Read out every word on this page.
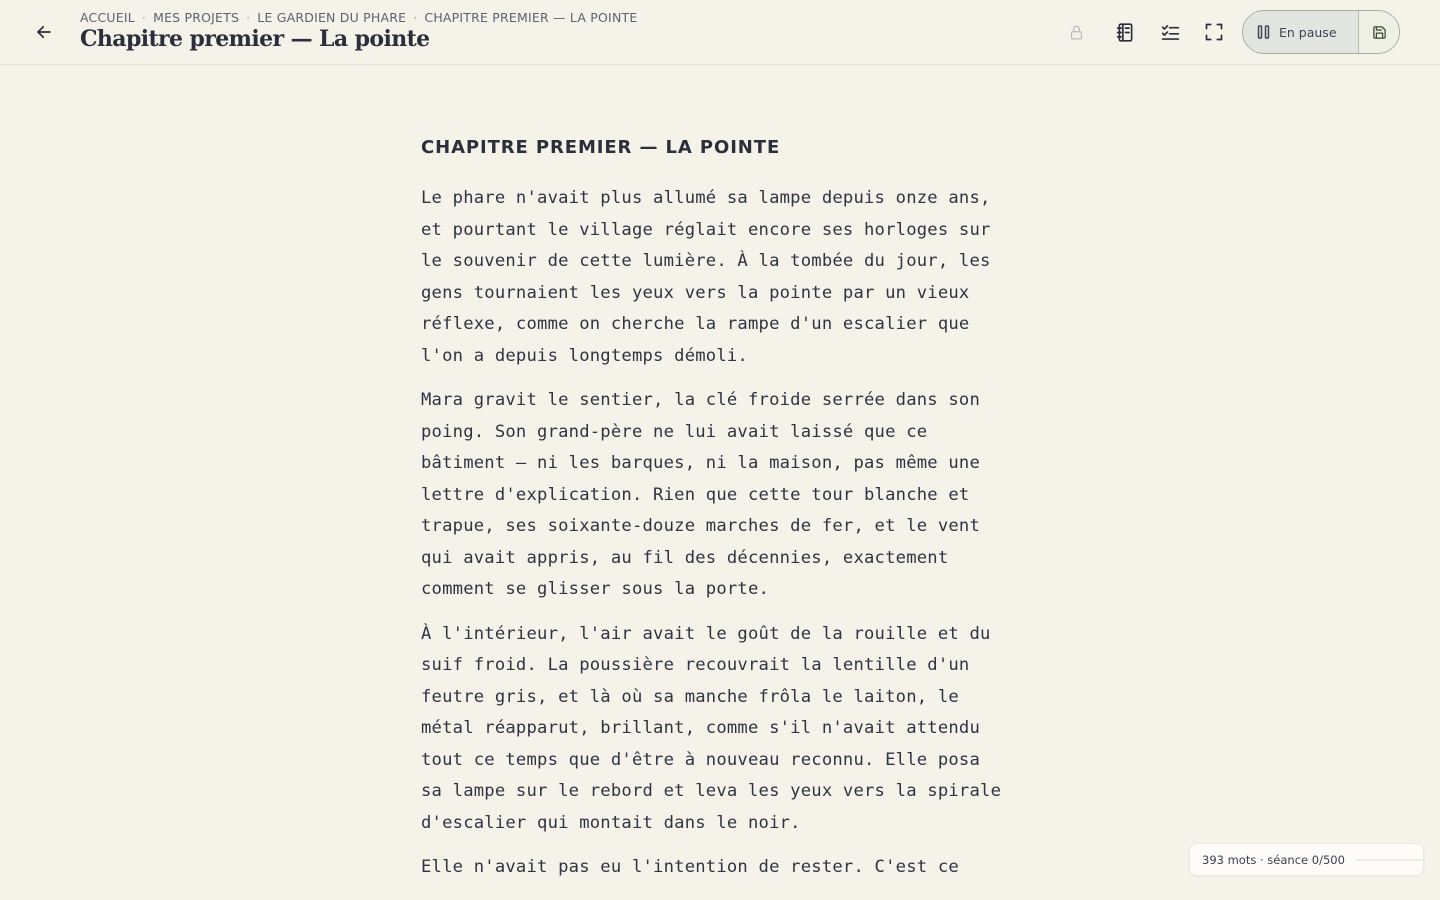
ACCUEIL · MES PROJETS · LE GARDIEN DU PHARE · CHAPITRE PREMIER — LA POINTE
Chapitre premier — La pointe	En pause
CHAPITRE PREMIER — LA POINTE

Le phare n'avait plus allumé sa lampe depuis onze ans,
et pourtant le village réglait encore ses horloges sur
le souvenir de cette lumière. À la tombée du jour, les
gens tournaient les yeux vers la pointe par un vieux
réflexe, comme on cherche la rampe d'un escalier que
l'on a depuis longtemps démoli.

Mara gravit le sentier, la clé froide serrée dans son
poing. Son grand-père ne lui avait laissé que ce
bâtiment — ni les barques, ni la maison, pas même une
lettre d'explication. Rien que cette tour blanche et
trapue, ses soixante-douze marches de fer, et le vent
qui avait appris, au fil des décennies, exactement
comment se glisser sous la porte.

À l'intérieur, l'air avait le goût de la rouille et du
suif froid. La poussière recouvrait la lentille d'un
feutre gris, et là où sa manche frôla le laiton, le
métal réapparut, brillant, comme s'il n'avait attendu
tout ce temps que d'être à nouveau reconnu. Elle posa
sa lampe sur le rebord et leva les yeux vers la spirale
d'escalier qui montait dans le noir.

Elle n'avait pas eu l'intention de rester. C'est ce	393 mots · séance 0/500
